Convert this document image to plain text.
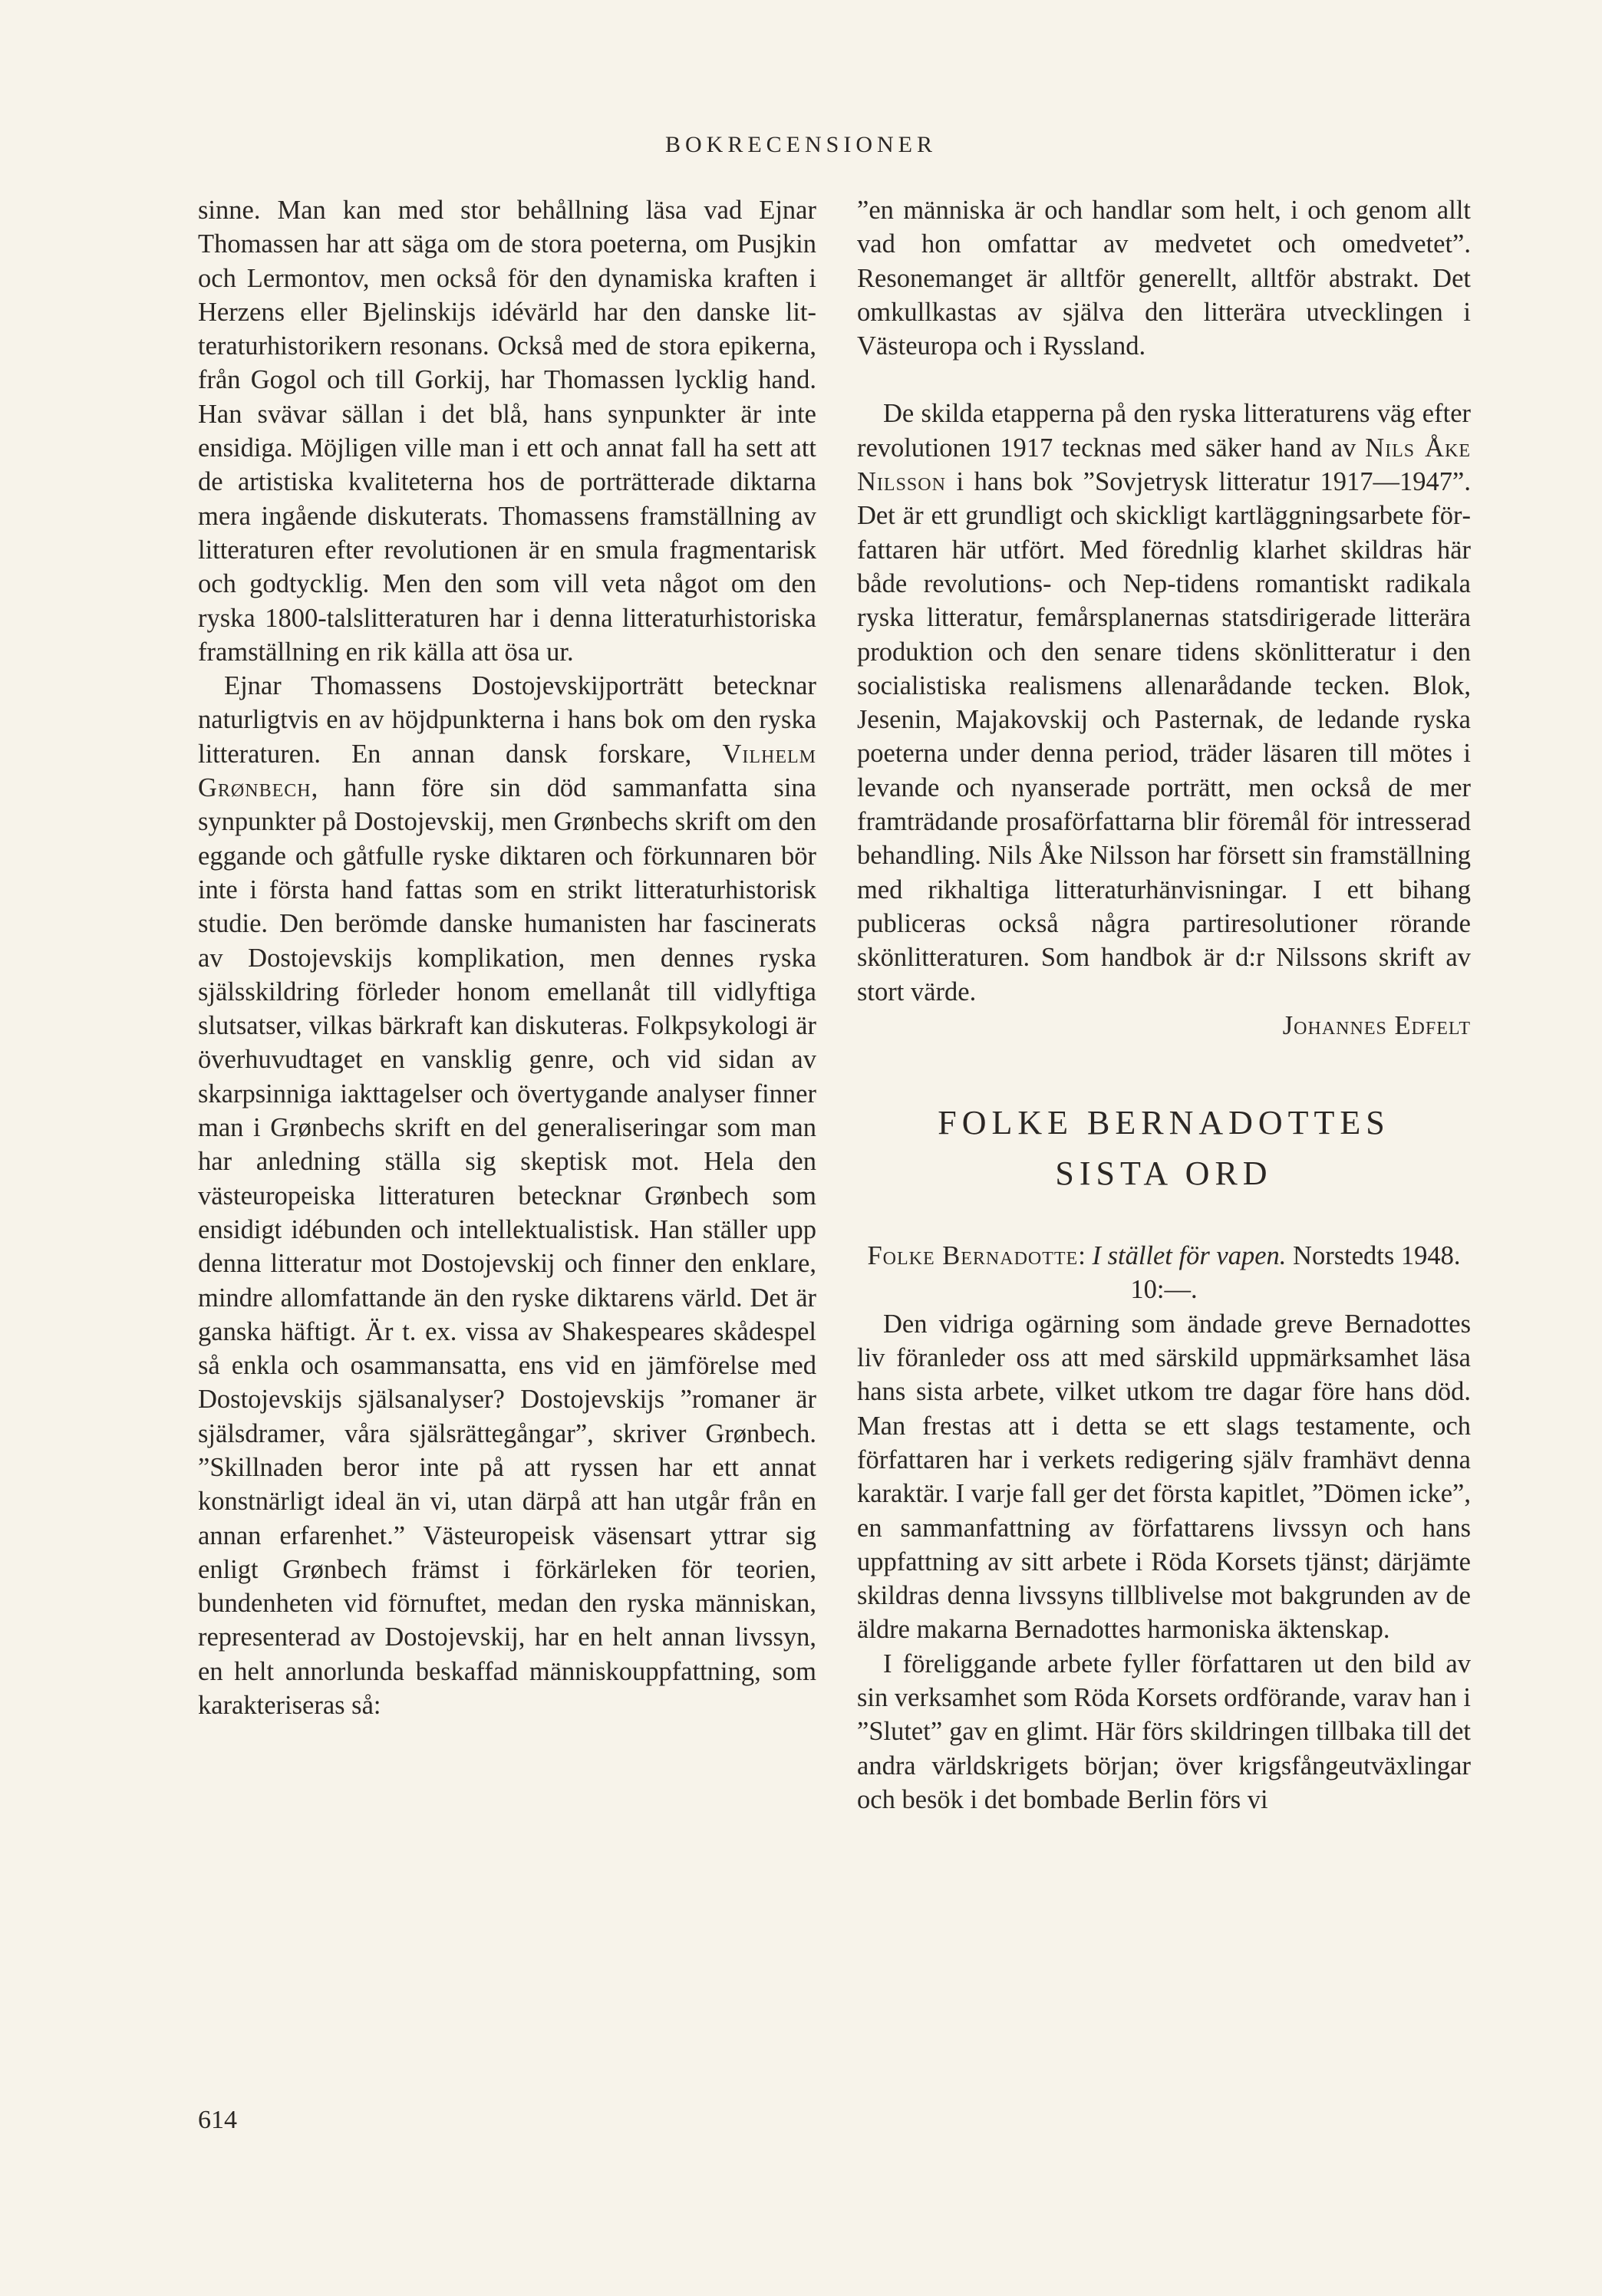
BOKRECENSIONER

sinne. Man kan med stor behållning läsa vad Ejnar Thomassen har att säga om de stora poeterna, om Pusjkin och Lermontov, men också för den dynamiska kraften i Herzens eller Bjelinskijs idévärld har den danske litteraturhistorikern resonans. Också med de stora epikerna, från Gogol och till Gorkij, har Thomassen lycklig hand. Han svävar sällan i det blå, hans synpunkter är inte ensidiga. Möjligen ville man i ett och annat fall ha sett att de artistiska kvaliteterna hos de porträtterade diktarna mera ingående diskuterats. Thomassens framställning av litteraturen efter revolutionen är en smula fragmentarisk och godtycklig. Men den som vill veta något om den ryska 1800-talslitteraturen har i denna litteraturhistoriska framställning en rik källa att ösa ur.

Ejnar Thomassens Dostojevskijporträtt betecknar naturligtvis en av höjdpunkterna i hans bok om den ryska litteraturen. En annan dansk forskare, Vilhelm Grønbech, hann före sin död sammanfatta sina synpunkter på Dostojevskij, men Grønbechs skrift om den eggande och gåtfulle ryske diktaren och förkunnaren bör inte i första hand fattas som en strikt litteraturhistorisk studie. Den berömde danske humanisten har fascinerats av Dostojevskijs komplikation, men dennes ryska själsskildring förleder honom emellanåt till vidlyftiga slutsatser, vilkas bärkraft kan diskuteras. Folkpsykologi är överhuvudtaget en vansklig genre, och vid sidan av skarpsinniga iakttagelser och övertygande analyser finner man i Grønbechs skrift en del generaliseringar som man har anledning ställa sig skeptisk mot. Hela den västeuropeiska litteraturen betecknar Grønbech som ensidigt idébunden och intellektualistisk. Han ställer upp denna litteratur mot Dostojevskij och finner den enklare, mindre allomfattande än den ryske diktarens värld. Det är ganska häftigt. Är t. ex. vissa av Shakespeares skådespel så enkla och osammansatta, ens vid en jämförelse med Dostojevskijs själsanalyser? Dostojevskijs ”romaner är själsdramer, våra själsrättegångar”, skriver Grønbech. ”Skillnaden beror inte på att ryssen har ett annat konstnärligt ideal än vi, utan därpå att han utgår från en annan erfarenhet.” Västeuropeisk väsensart yttrar sig enligt Grønbech främst i förkärleken för teorien, bundenheten vid förnuftet, medan den ryska människan, representerad av Dostojevskij, har en helt annan livssyn, en helt annorlunda beskaffad människouppfattning, som karakteriseras så:

”en människa är och handlar som helt, i och genom allt vad hon omfattar av medvetet och omedvetet”. Resonemanget är alltför generellt, alltför abstrakt. Det omkullkastas av själva den litterära utvecklingen i Västeuropa och i Ryssland.

De skilda etapperna på den ryska litteraturens väg efter revolutionen 1917 tecknas med säker hand av Nils Åke Nilsson i hans bok ”Sovjetrysk litteratur 1917—1947”. Det är ett grundligt och skickligt kartläggningsarbete författaren här utfört. Med förednlig klarhet skildras här både revolutions- och Nep-tidens romantiskt radikala ryska litteratur, femårsplanernas statsdirigerade litterära produktion och den senare tidens skönlitteratur i den socialistiska realismens allenarådande tecken. Blok, Jesenin, Majakovskij och Pasternak, de ledande ryska poeterna under denna period, träder läsaren till mötes i levande och nyanserade porträtt, men också de mer framträdande prosaförfattarna blir föremål för intresserad behandling. Nils Åke Nilsson har försett sin framställning med rikhaltiga litteraturhänvisningar. I ett bihang publiceras också några partiresolutioner rörande skönlitteraturen. Som handbok är d:r Nilssons skrift av stort värde.

Johannes Edfelt

FOLKE BERNADOTTES
SISTA ORD

Folke Bernadotte: I stället för vapen. Norstedts 1948. 10:—.

Den vidriga ogärning som ändade greve Bernadottes liv föranleder oss att med särskild uppmärksamhet läsa hans sista arbete, vilket utkom tre dagar före hans död. Man frestas att i detta se ett slags testamente, och författaren har i verkets redigering själv framhävt denna karaktär. I varje fall ger det första kapitlet, ”Dömen icke”, en sammanfattning av författarens livssyn och hans uppfattning av sitt arbete i Röda Korsets tjänst; därjämte skildras denna livssyns tillblivelse mot bakgrunden av de äldre makarna Bernadottes harmoniska äktenskap.

I föreliggande arbete fyller författaren ut den bild av sin verksamhet som Röda Korsets ordförande, varav han i ”Slutet” gav en glimt. Här förs skildringen tillbaka till det andra världskrigets början; över krigsfångeutväxlingar och besök i det bombade Berlin förs vi

614
